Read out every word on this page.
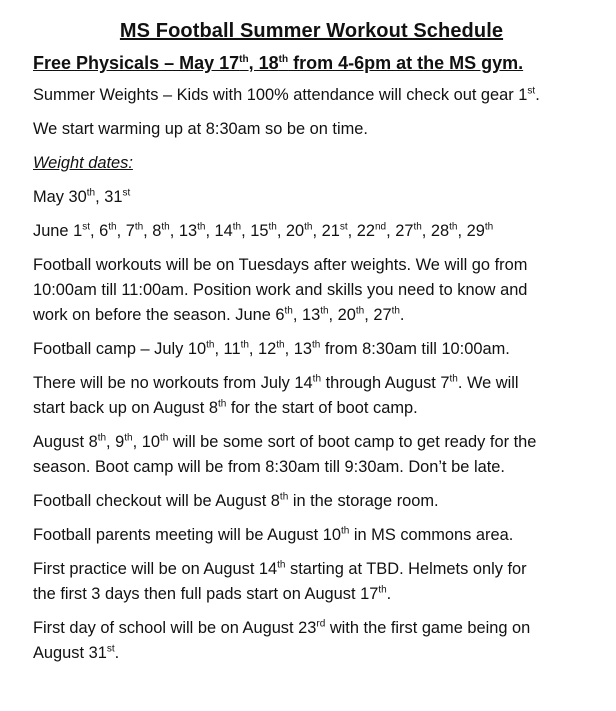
MS Football Summer Workout Schedule
Free Physicals – May 17th, 18th from 4-6pm at the MS gym.
Summer Weights – Kids with 100% attendance will check out gear 1st.
We start warming up at 8:30am so be on time.
Weight dates:
May 30th, 31st
June 1st, 6th, 7th, 8th, 13th, 14th, 15th, 20th, 21st, 22nd, 27th, 28th, 29th
Football workouts will be on Tuesdays after weights. We will go from
10:00am till 11:00am. Position work and skills you need to know and
work on before the season. June 6th, 13th, 20th, 27th.
Football camp – July 10th, 11th, 12th, 13th from 8:30am till 10:00am.
There will be no workouts from July 14th through August 7th. We will
start back up on August 8th for the start of boot camp.
August 8th, 9th, 10th will be some sort of boot camp to get ready for the
season. Boot camp will be from 8:30am till 9:30am. Don’t be late.
Football checkout will be August 8th in the storage room.
Football parents meeting will be August 10th in MS commons area.
First practice will be on August 14th starting at TBD. Helmets only for
the first 3 days then full pads start on August 17th.
First day of school will be on August 23rd with the first game being on
August 31st.
